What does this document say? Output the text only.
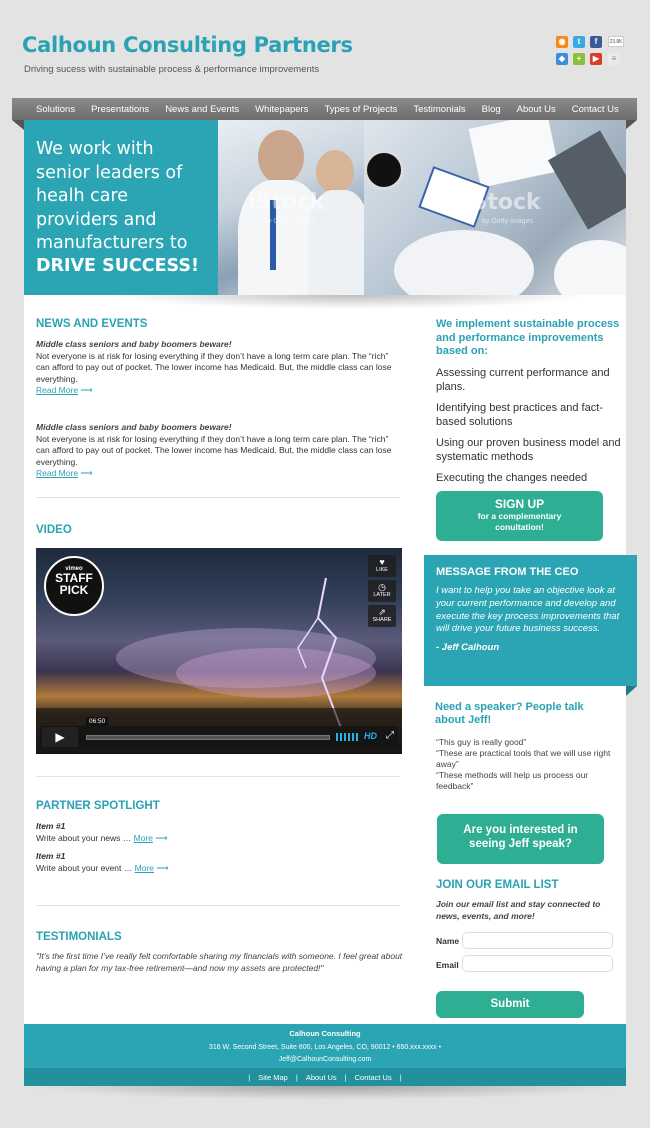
Calhoun Consulting Partners
Driving sucess with sustainable process & performance improvements
◉	t	f	23.8K
◆	+	▶	≡
Solutions Presentations News and Events Whitepapers Types of Projects Testimonials Blog About Us Contact Us
We work with senior leaders of healh care providers and manufacturers to
DRIVE SUCCESS!
iStock
by Getty Images
iStock
by Getty Images
NEWS AND EVENTS
Middle class seniors and baby boomers beware!
Not everyone is at risk for losing everything if they don’t have a long term care plan. The “rich” can afford to pay out of pocket. The lower income has Medicaid. But, the middle class can lose everything.
Read More ⟶
Middle class seniors and baby boomers beware!
Not everyone is at risk for losing everything if they don’t have a long term care plan. The “rich” can afford to pay out of pocket. The lower income has Medicaid. But, the middle class can lose everything.
Read More ⟶
VIDEO
vimeo
STAFF
PICK
♥
LIKE
◷
LATER
⇗
SHARE
▶
06:50
HD ⤢
PARTNER SPOTLIGHT
Item #1
Write about your news … More ⟶
Item #1
Write about your event … More ⟶
TESTIMONIALS
"It’s the first time I’ve really felt comfortable sharing my financials with someone. I feel great about having a plan for my tax-free retirement—and now my assets are protected!"
We implement sustainable process and performance improvements based on:
Assessing current performance and plans.
Identifying best practices and fact-based solutions
Using our proven business model and systematic methods
Executing the changes needed
SIGN UP
for a complementary conultation!
MESSAGE FROM THE CEO
I want to help you take an objective look at your current performance and develop and execute the key process improvements that will drive your future business success.
- Jeff Calhoun
Need a speaker? People talk about Jeff!
“This guy is really good”
“These are practical tools that we will use right away”
“These methods will help us process our feedback”
Are you interested in seeing Jeff speak?
JOIN OUR EMAIL LIST
Join our email list and stay connected to news, events, and more!
Name
Email
Submit
Calhoun Consulting
316 W. Second Street, Suite 800, Los Angeles, CO, 90012 • 650.xxx.xxxx •
Jeff@CalhounConsulting.com
| Site Map | About Us | Contact Us |
